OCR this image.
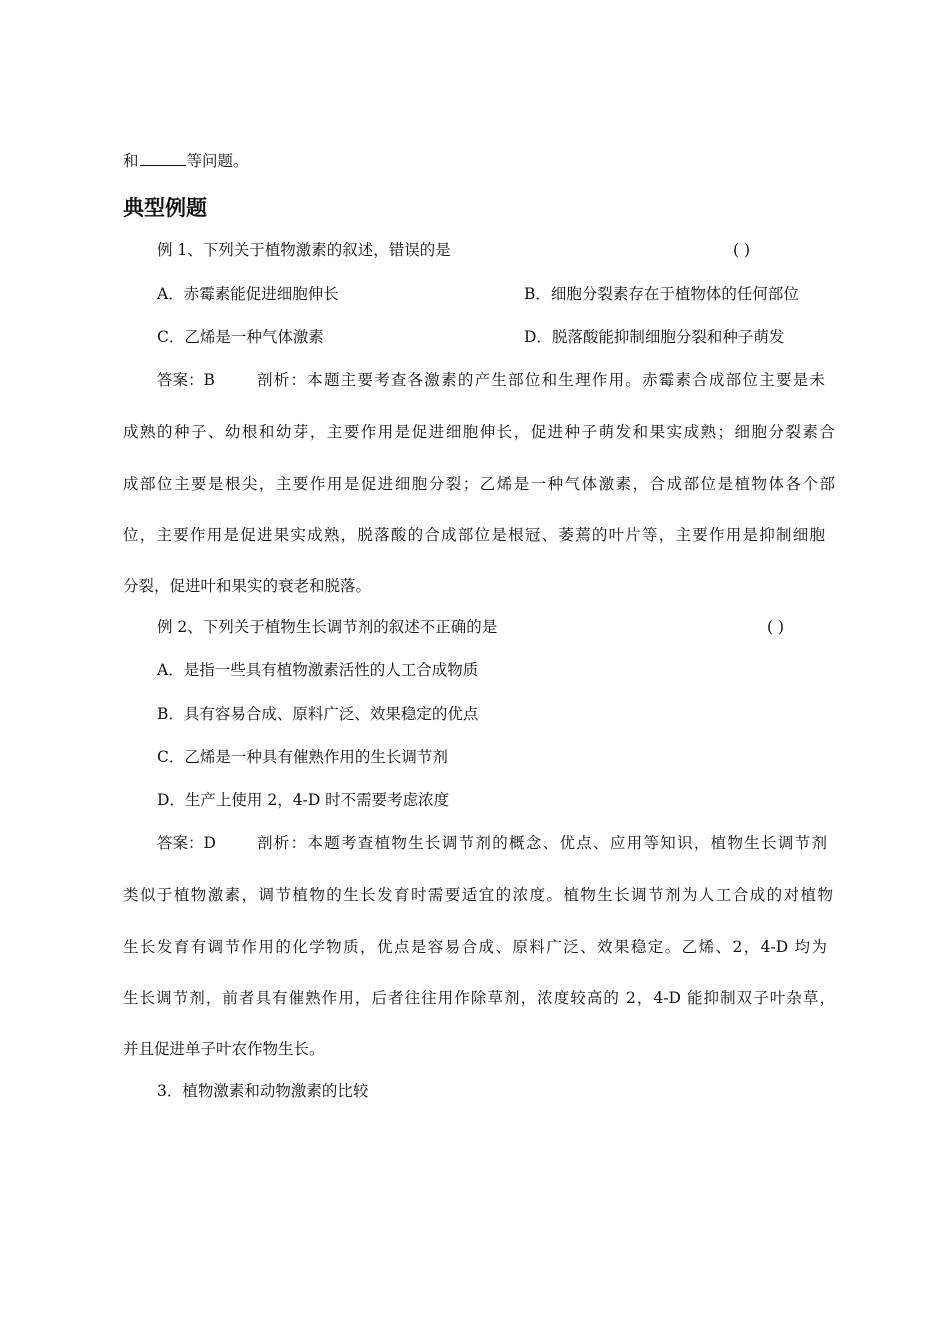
和	等问题。
典型例题
例 1、下列关于植物激素的叙述，错误的是	( )
A．赤霉素能促进细胞伸长	B．细胞分裂素存在于植物体的任何部位
C．乙烯是一种气体激素	D．脱落酸能抑制细胞分裂和种子萌发
答案：B	剖析：本题主要考查各激素的产生部位和生理作用。赤霉素合成部位主要是未
成熟的种子、幼根和幼芽，主要作用是促进细胞伸长，促进种子萌发和果实成熟；细胞分裂素合
成部位主要是根尖，主要作用是促进细胞分裂；乙烯是一种气体激素，合成部位是植物体各个部
位，主要作用是促进果实成熟，脱落酸的合成部位是根冠、萎蔫的叶片等，主要作用是抑制细胞
分裂，促进叶和果实的衰老和脱落。
例 2、下列关于植物生长调节剂的叙述不正确的是	( )
A．是指一些具有植物激素活性的人工合成物质
B．具有容易合成、原料广泛、效果稳定的优点
C．乙烯是一种具有催熟作用的生长调节剂
D．生产上使用 2，4-D 时不需要考虑浓度
答案：D	剖析：本题考查植物生长调节剂的概念、优点、应用等知识，植物生长调节剂
类似于植物激素，调节植物的生长发育时需要适宜的浓度。植物生长调节剂为人工合成的对植物
生长发育有调节作用的化学物质，优点是容易合成、原料广泛、效果稳定。乙烯、2，4-D 均为
生长调节剂，前者具有催熟作用，后者往往用作除草剂，浓度较高的 2，4-D 能抑制双子叶杂草，
并且促进单子叶农作物生长。
3．植物激素和动物激素的比较
